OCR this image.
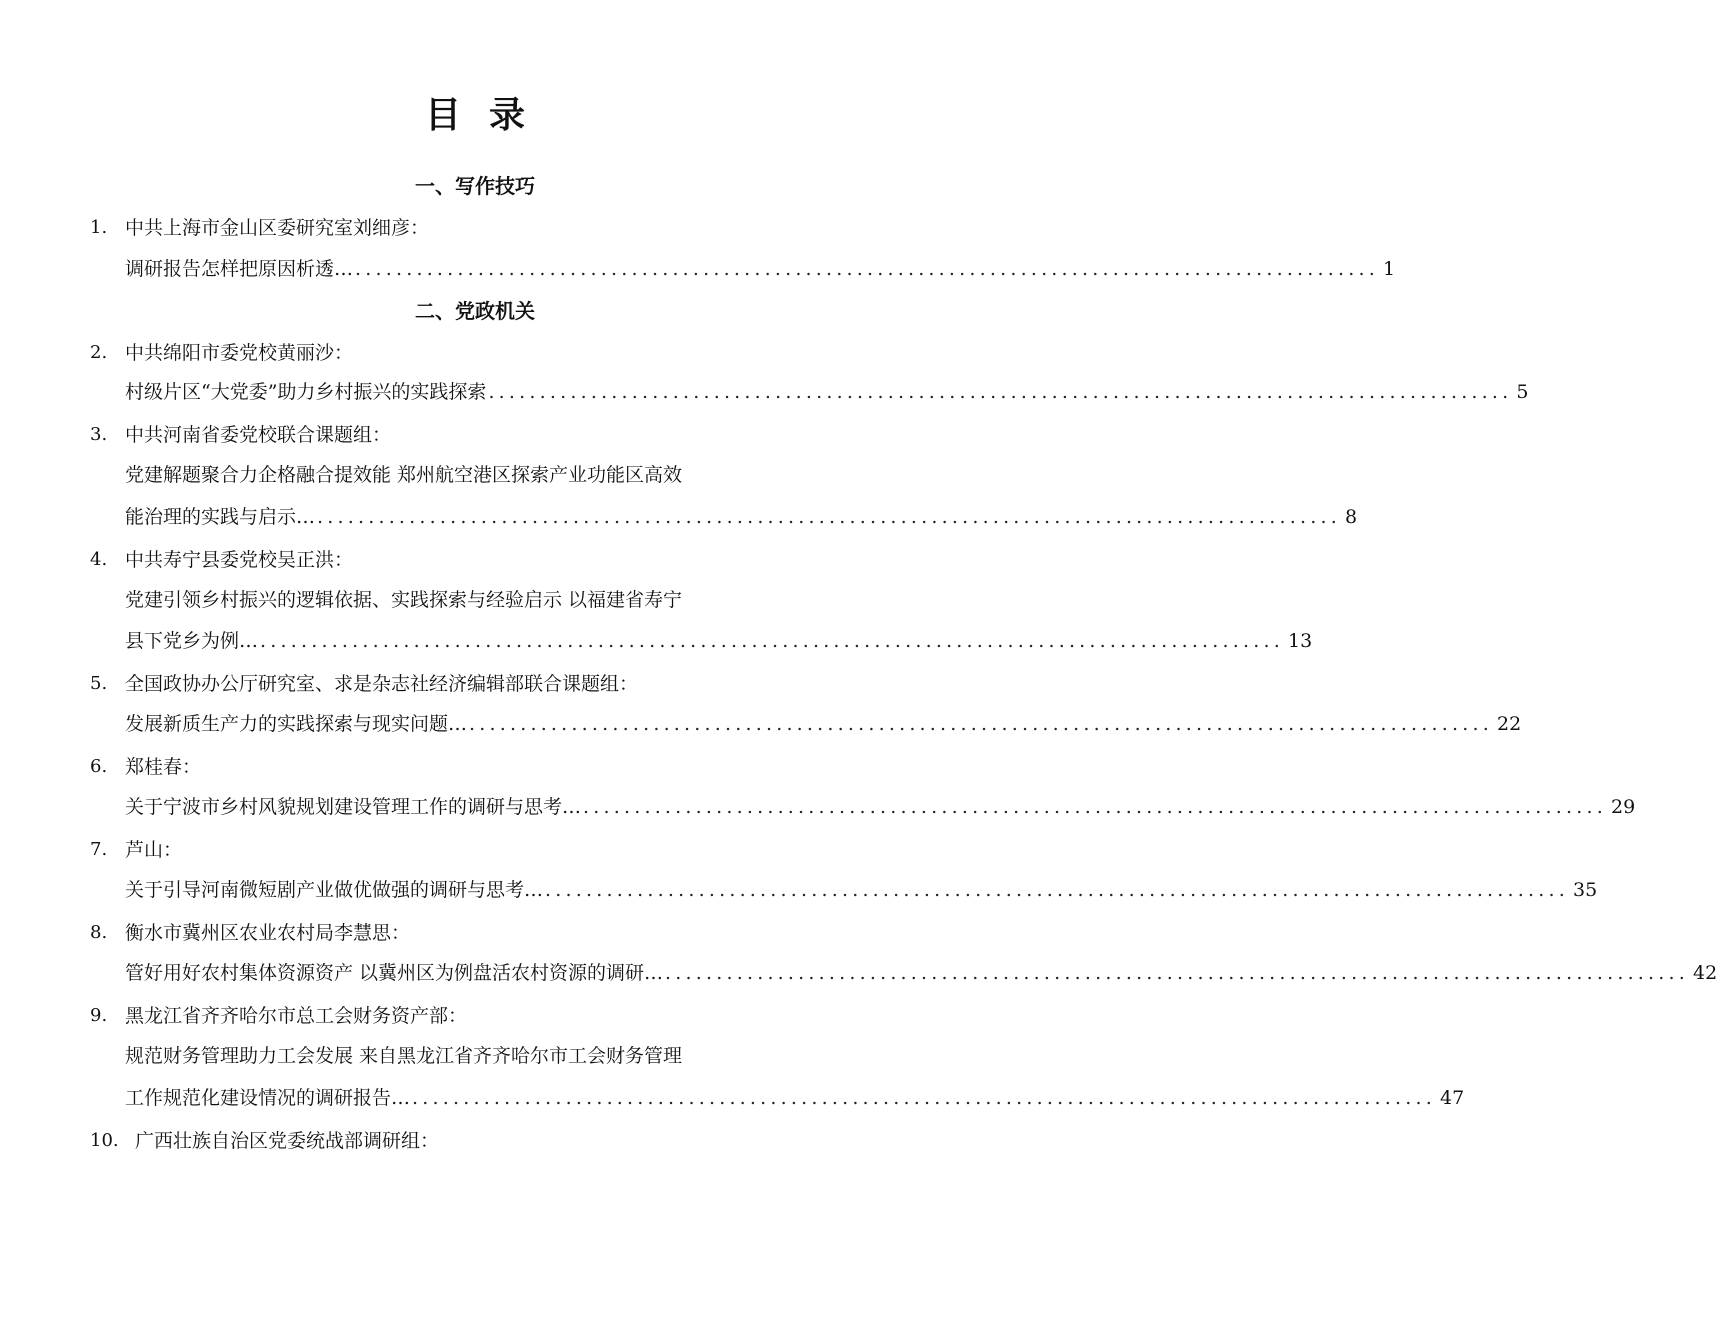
目录
一、写作技巧
1. 中共上海市金山区委研究室刘细彦：
调研报告怎样把原因析透… .................................................................................................... 1
二、党政机关
2. 中共绵阳市委党校黄丽沙：
村级片区“大党委”助力乡村振兴的实践探索 .................................................................................................... 5
3. 中共河南省委党校联合课题组：
党建解题聚合力企格融合提效能 郑州航空港区探索产业功能区高效
能治理的实践与启示… .................................................................................................... 8
4. 中共寿宁县委党校吴正洪：
党建引领乡村振兴的逻辑依据、实践探索与经验启示 以福建省寿宁
县下党乡为例… .................................................................................................... 13
5. 全国政协办公厅研究室、求是杂志社经济编辑部联合课题组：
发展新质生产力的实践探索与现实问题… .................................................................................................... 22
6. 郑桂春：
关于宁波市乡村风貌规划建设管理工作的调研与思考… .................................................................................................... 29
7. 芦山：
关于引导河南微短剧产业做优做强的调研与思考… .................................................................................................... 35
8. 衡水市冀州区农业农村局李慧思：
管好用好农村集体资源资产 以冀州区为例盘活农村资源的调研… .................................................................................................... 42
9. 黑龙江省齐齐哈尔市总工会财务资产部：
规范财务管理助力工会发展 来自黑龙江省齐齐哈尔市工会财务管理
工作规范化建设情况的调研报告… .................................................................................................... 47
10. 广西壮族自治区党委统战部调研组：
